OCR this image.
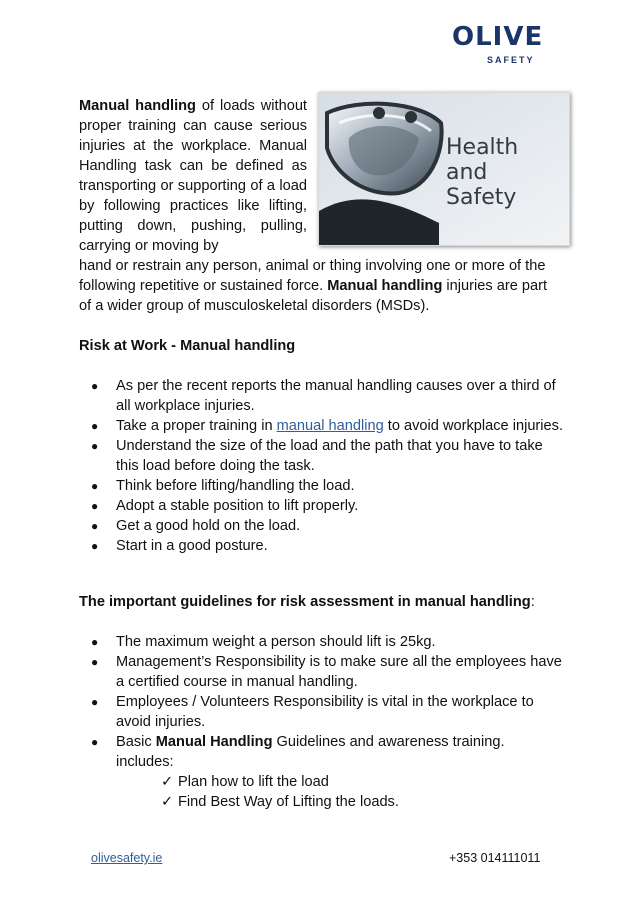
OLIVE
SAFETY

Manual handling of loads without proper training can cause serious injuries at the workplace. Manual Handling task can be defined as transporting or supporting of a load by following practices like lifting, putting down, pushing, pulling, carrying or moving by

Health and Safety

hand or restrain any person, animal or thing involving one or more of the following repetitive or sustained force. Manual handling injuries are part of a wider group of musculoskeletal disorders (MSDs).

Risk at Work - Manual handling

● As per the recent reports the manual handling causes over a third of all workplace injuries.
● Take a proper training in manual handling to avoid workplace injuries.
● Understand the size of the load and the path that you have to take this load before doing the task.
● Think before lifting/handling the load.
● Adopt a stable position to lift properly.
● Get a good hold on the load.
● Start in a good posture.

The important guidelines for risk assessment in manual handling:

● The maximum weight a person should lift is 25kg.
● Management’s Responsibility is to make sure all the employees have a certified course in manual handling.
● Employees / Volunteers Responsibility is vital in the workplace to avoid injuries.
● Basic Manual Handling Guidelines and awareness training. includes:
✓ Plan how to lift the load
✓ Find Best Way of Lifting the loads.
olivesafety.ie	+353 014111011
